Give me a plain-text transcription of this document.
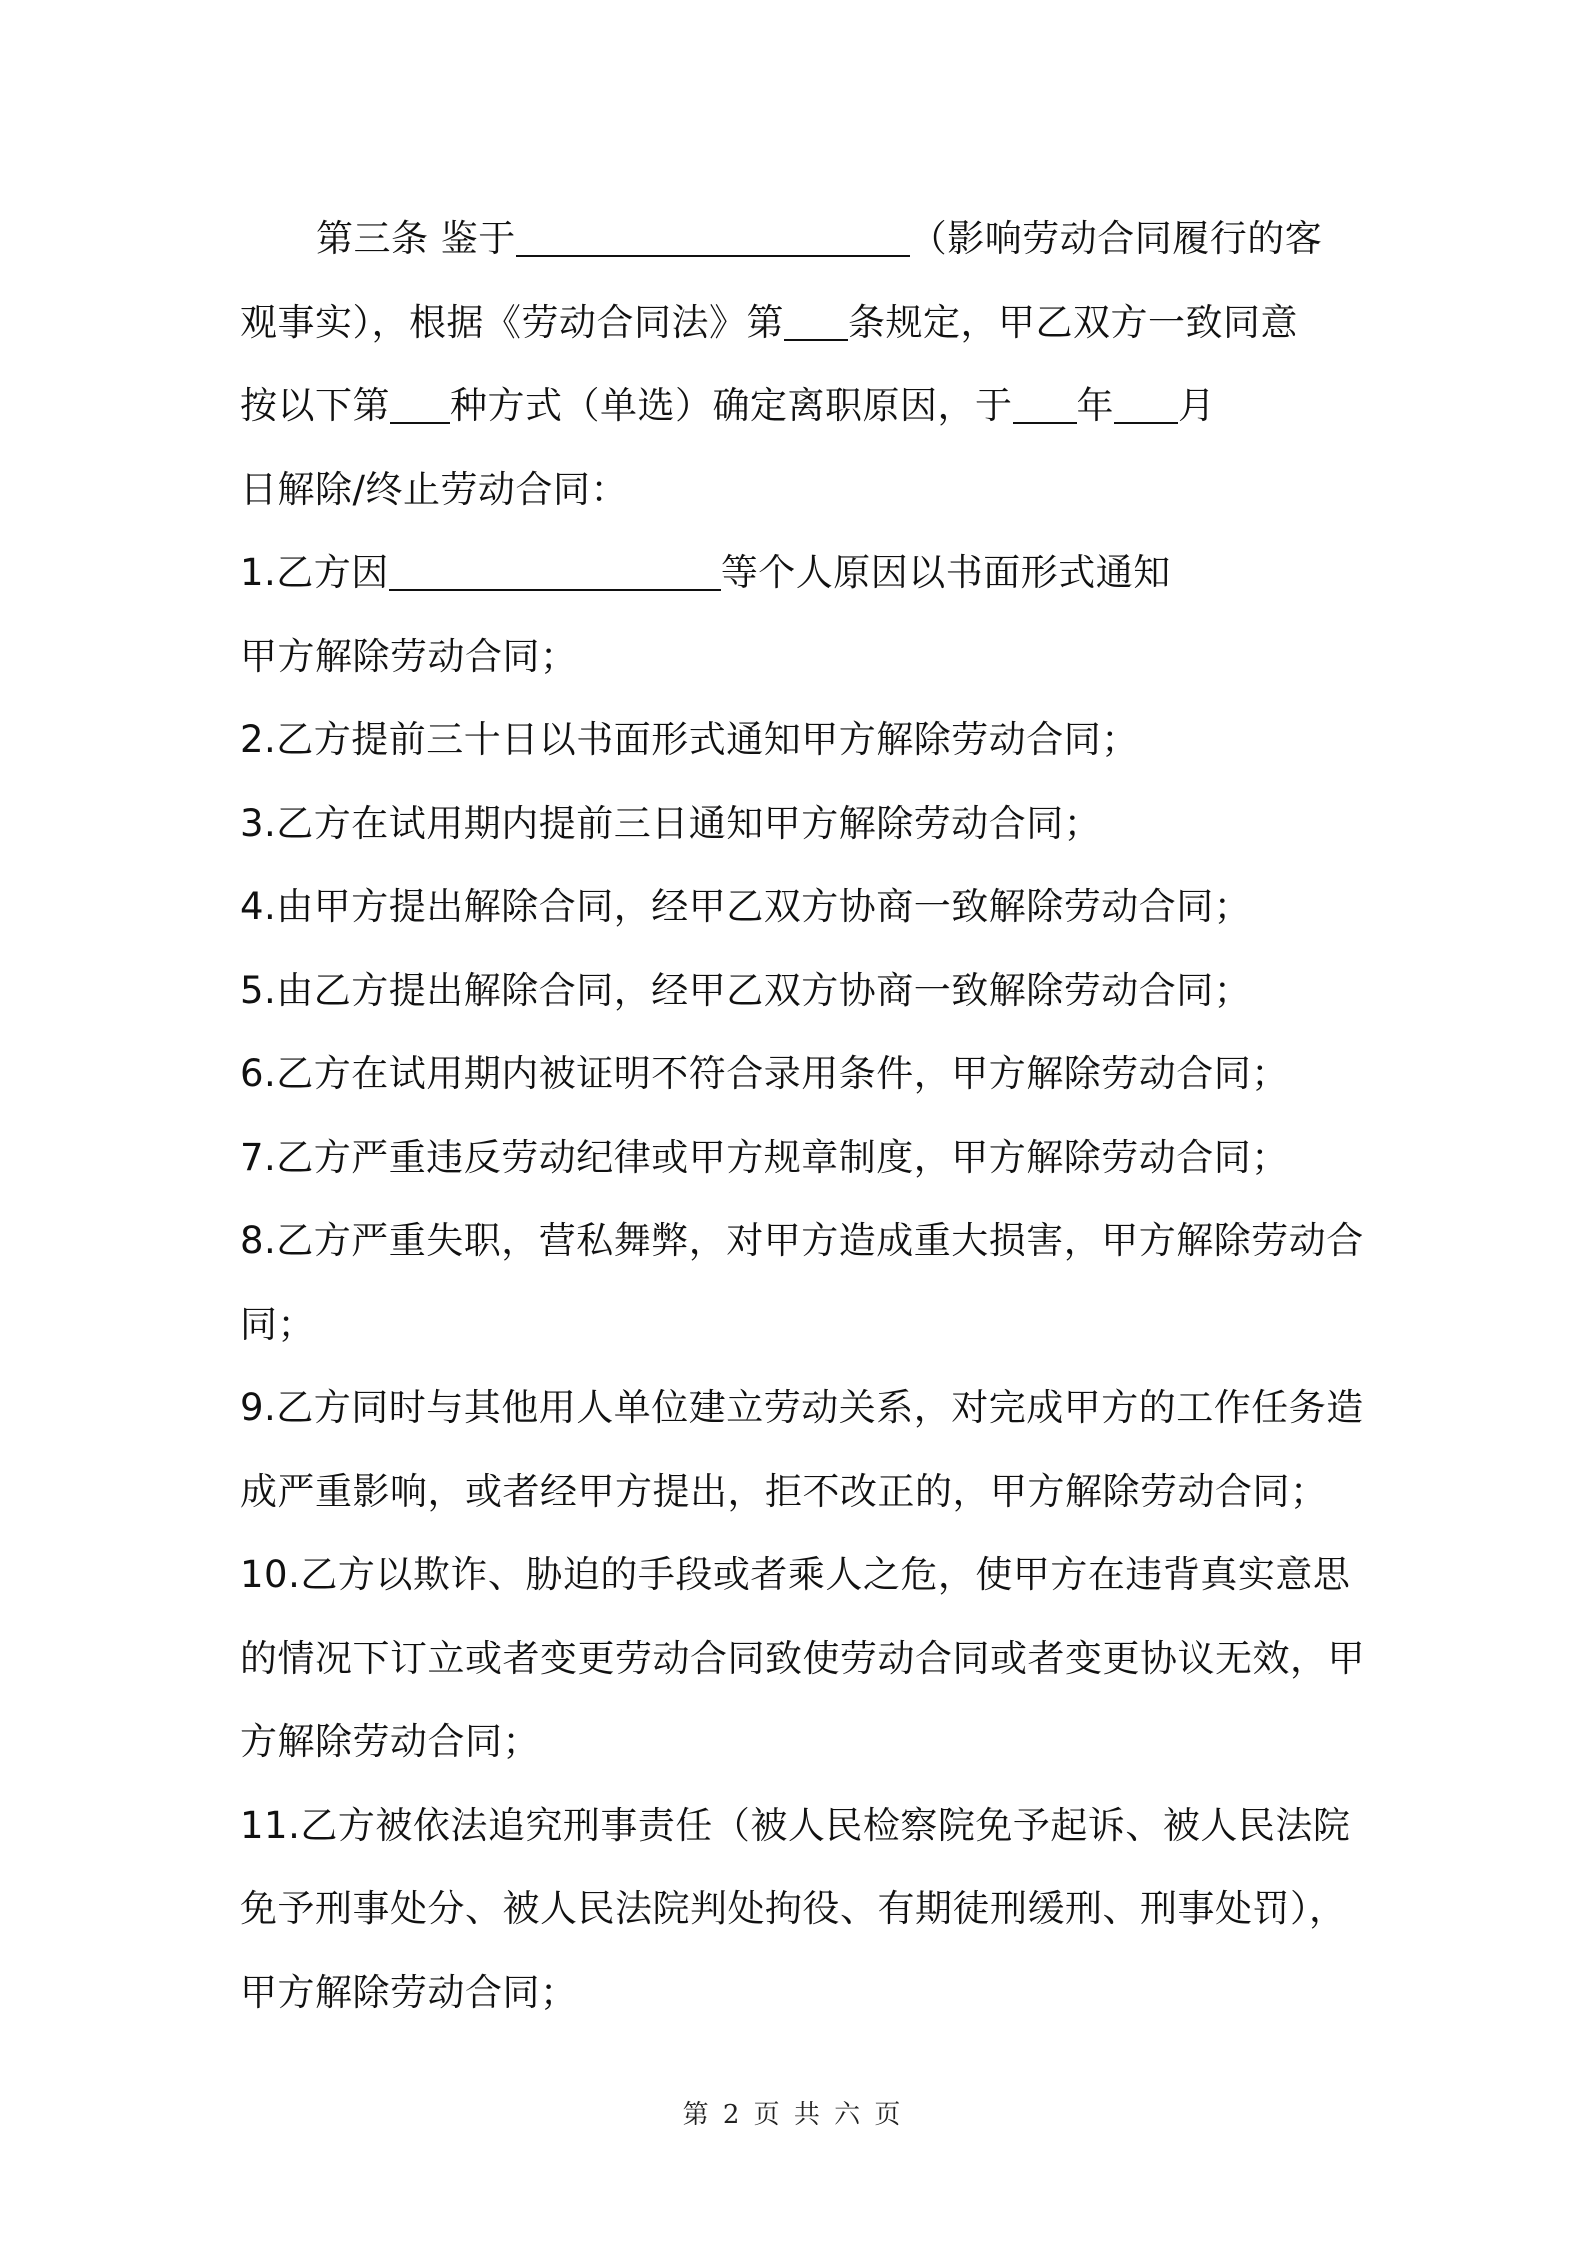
第三条 鉴于	（影响劳动合同履行的客
观事实），根据《劳动合同法》第 条规定，甲乙双方一致同意
按以下第 种方式（单选）确定离职原因，于 年 月
日解除/终止劳动合同：
1.乙方因	等个人原因以书面形式通知
甲方解除劳动合同；
2.乙方提前三十日以书面形式通知甲方解除劳动合同；
3.乙方在试用期内提前三日通知甲方解除劳动合同；
4.由甲方提出解除合同，经甲乙双方协商一致解除劳动合同；
5.由乙方提出解除合同，经甲乙双方协商一致解除劳动合同；
6.乙方在试用期内被证明不符合录用条件，甲方解除劳动合同；
7.乙方严重违反劳动纪律或甲方规章制度，甲方解除劳动合同；
8.乙方严重失职，营私舞弊，对甲方造成重大损害，甲方解除劳动合
同；
9.乙方同时与其他用人单位建立劳动关系，对完成甲方的工作任务造
成严重影响，或者经甲方提出，拒不改正的，甲方解除劳动合同；
10.乙方以欺诈、胁迫的手段或者乘人之危，使甲方在违背真实意思
的情况下订立或者变更劳动合同致使劳动合同或者变更协议无效，甲
方解除劳动合同；
11.乙方被依法追究刑事责任（被人民检察院免予起诉、被人民法院
免予刑事处分、被人民法院判处拘役、有期徒刑缓刑、刑事处罚），
甲方解除劳动合同；
第 2 页 共 六 页
